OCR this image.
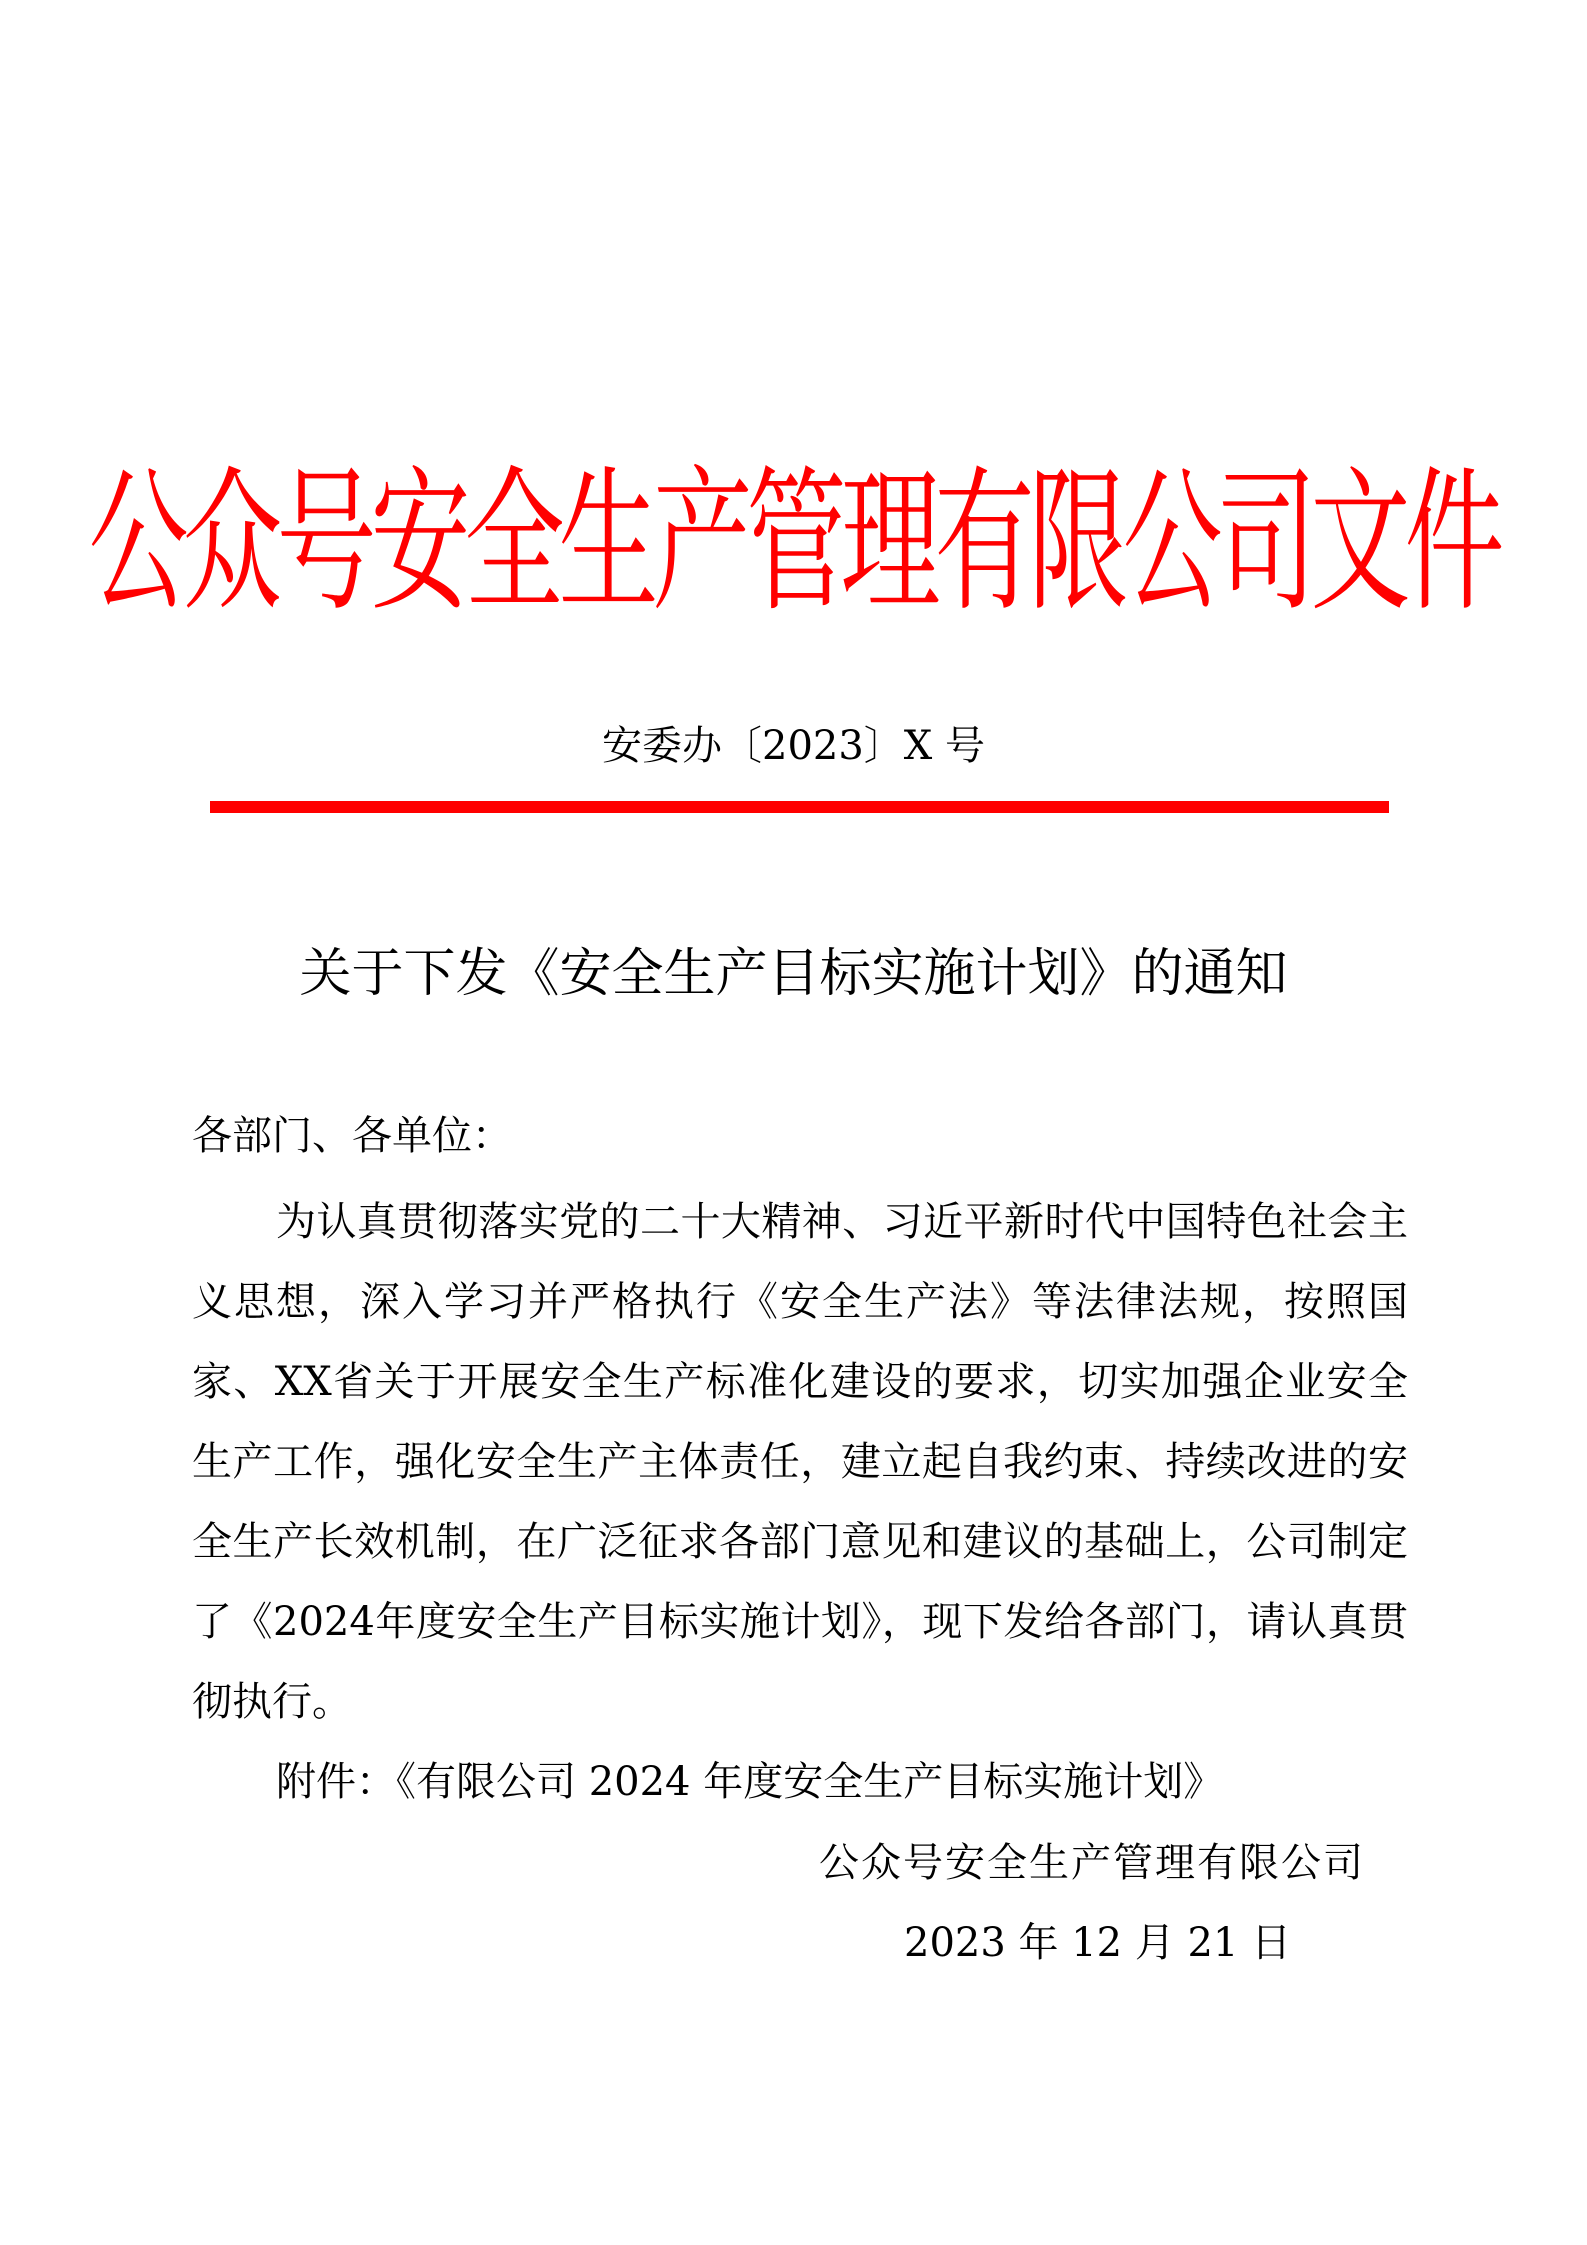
公众号安全生产管理有限公司文件
安委办〔2023〕X 号
关于下发《安全生产目标实施计划》的通知
各部门、各单位：

为认真贯彻落实党的二十大精神、习近平新时代中国特色社会主义思想，深入学习并严格执行《安全生产法》等法律法规，按照国家、XX省关于开展安全生产标准化建设的要求，切实加强企业安全生产工作，强化安全生产主体责任，建立起自我约束、持续改进的安全生产长效机制，在广泛征求各部门意见和建议的基础上，公司制定了《2024年度安全生产目标实施计划》，现下发给各部门，请认真贯彻执行。

附件：《有限公司 2024 年度安全生产目标实施计划》
公众号安全生产管理有限公司
2023 年 12 月 21 日
